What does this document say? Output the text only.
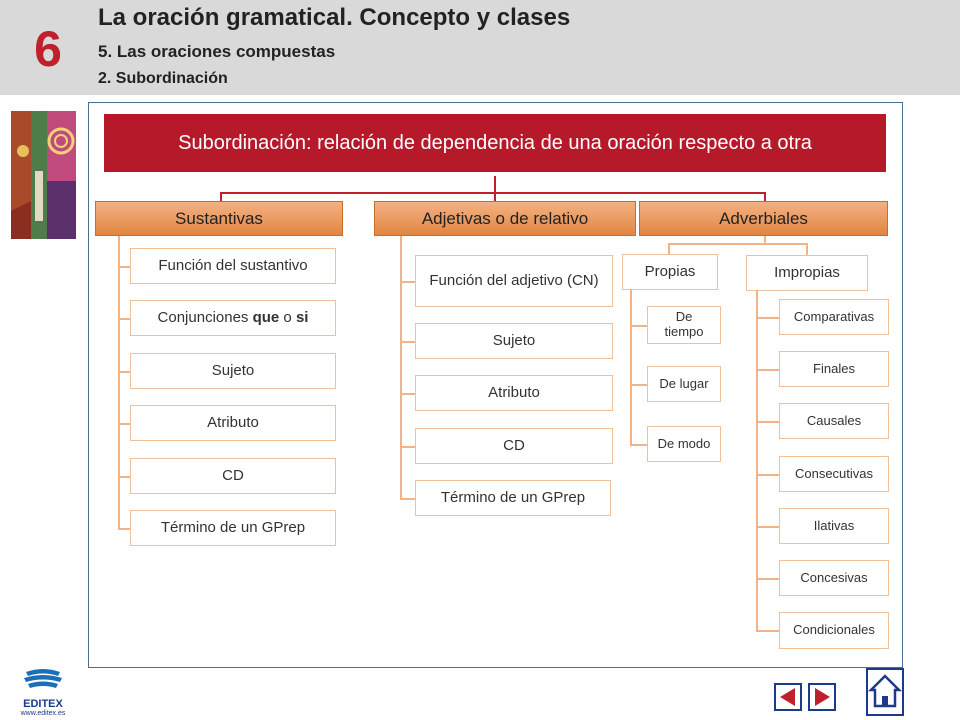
6
La oración gramatical. Concepto y clases
5. Las oraciones compuestas
2. Subordinación
Subordinación: relación de dependencia de una oración respecto a otra
Sustantivas	Adjetivas o de relativo	Adverbiales
Función del sustantivo
Conjunciones que o si
Sujeto
Atributo
CD
Término de un GPrep
Función del adjetivo (CN)
Sujeto
Atributo
CD
Término de un GPrep
Propias	Impropias
De tiempo
De lugar
De modo
Comparativas
Finales
Causales
Consecutivas
Ilativas
Concesivas
Condicionales
EDITEX
www.editex.es
